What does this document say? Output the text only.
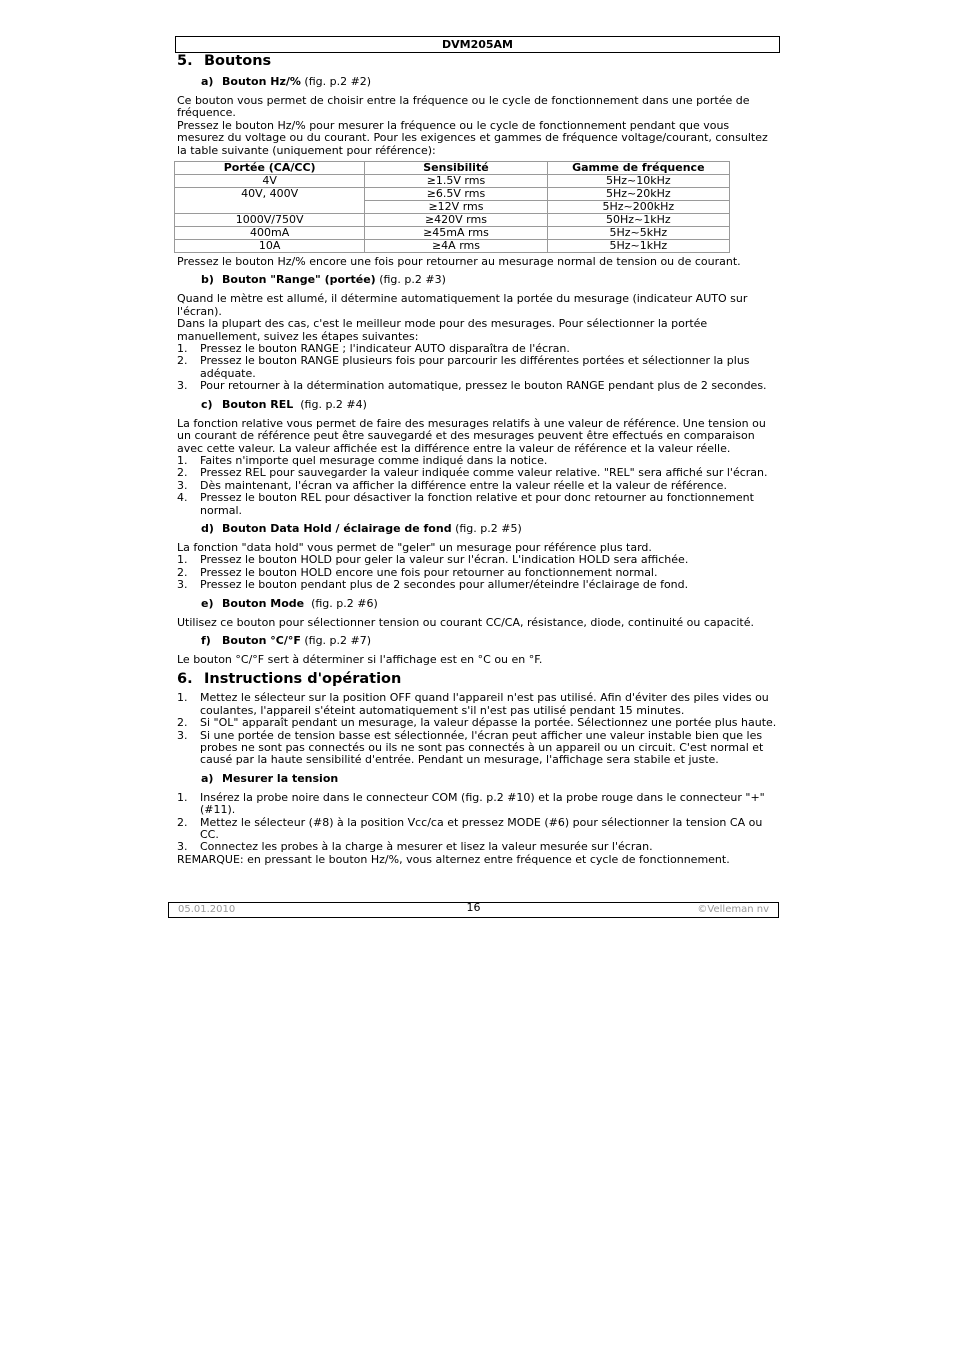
DVM205AM
5. Boutons
a) Bouton Hz/% (fig. p.2 #2)

Ce bouton vous permet de choisir entre la fréquence ou le cycle de fonctionnement dans une portée de fréquence.

Pressez le bouton Hz/% pour mesurer la fréquence ou le cycle de fonctionnement pendant que vous mesurez du voltage ou du courant. Pour les exigences et gammes de fréquence voltage/courant, consultez la table suivante (uniquement pour référence):

Portée (CA/CC)	Sensibilité	Gamme de fréquence
4V	≥1.5V rms	5Hz~10kHz
40V, 400V	≥6.5V rms	5Hz~20kHz
	≥12V rms	5Hz~200kHz
1000V/750V	≥420V rms	50Hz~1kHz
400mA	≥45mA rms	5Hz~5kHz
10A	≥4A rms	5Hz~1kHz

Pressez le bouton Hz/% encore une fois pour retourner au mesurage normal de tension ou de courant.

b) Bouton "Range" (portée) (fig. p.2 #3)

Quand le mètre est allumé, il détermine automatiquement la portée du mesurage (indicateur AUTO sur l'écran).

Dans la plupart des cas, c'est le meilleur mode pour des mesurages. Pour sélectionner la portée manuellement, suivez les étapes suivantes:

1. Pressez le bouton RANGE ; l'indicateur AUTO disparaîtra de l'écran.
2. Pressez le bouton RANGE plusieurs fois pour parcourir les différentes portées et sélectionner la plus adéquate.
3. Pour retourner à la détermination automatique, pressez le bouton RANGE pendant plus de 2 secondes.
c) Bouton REL  (fig. p.2 #4)

La fonction relative vous permet de faire des mesurages relatifs à une valeur de référence. Une tension ou un courant de référence peut être sauvegardé et des mesurages peuvent être effectués en comparaison avec cette valeur. La valeur affichée est la différence entre la valeur de référence et la valeur réelle.

1. Faites n'importe quel mesurage comme indiqué dans la notice.
2. Pressez REL pour sauvegarder la valeur indiquée comme valeur relative. "REL" sera affiché sur l'écran.
3. Dès maintenant, l'écran va afficher la différence entre la valeur réelle et la valeur de référence.
4. Pressez le bouton REL pour désactiver la fonction relative et pour donc retourner au fonctionnement normal.
d) Bouton Data Hold / éclairage de fond (fig. p.2 #5)

La fonction "data hold" vous permet de "geler" un mesurage pour référence plus tard.

1. Pressez le bouton HOLD pour geler la valeur sur l'écran. L'indication HOLD sera affichée.
2. Pressez le bouton HOLD encore une fois pour retourner au fonctionnement normal.
3. Pressez le bouton pendant plus de 2 secondes pour allumer/éteindre l'éclairage de fond.
e) Bouton Mode  (fig. p.2 #6)

Utilisez ce bouton pour sélectionner tension ou courant CC/CA, résistance, diode, continuité ou capacité.

f) Bouton °C/°F (fig. p.2 #7)

Le bouton °C/°F sert à déterminer si l'affichage est en °C ou en °F.

6. Instructions d'opération
1. Mettez le sélecteur sur la position OFF quand l'appareil n'est pas utilisé. Afin d'éviter des piles vides ou coulantes, l'appareil s'éteint automatiquement s'il n'est pas utilisé pendant 15 minutes.
2. Si "OL" apparaît pendant un mesurage, la valeur dépasse la portée. Sélectionnez une portée plus haute.
3. Si une portée de tension basse est sélectionnée, l'écran peut afficher une valeur instable bien que les probes ne sont pas connectés ou ils ne sont pas connectés à un appareil ou un circuit. C'est normal et causé par la haute sensibilité d'entrée. Pendant un mesurage, l'affichage sera stabile et juste.
a) Mesurer la tension
1. Insérez la probe noire dans le connecteur COM (fig. p.2 #10) et la probe rouge dans le connecteur "+" (#11).
2. Mettez le sélecteur (#8) à la position Vcc/ca et pressez MODE (#6) pour sélectionner la tension CA ou CC.
3. Connectez les probes à la charge à mesurer et lisez la valeur mesurée sur l'écran.

REMARQUE: en pressant le bouton Hz/%, vous alternez entre fréquence et cycle de fonctionnement.

05.01.2010	16	©Velleman nv
